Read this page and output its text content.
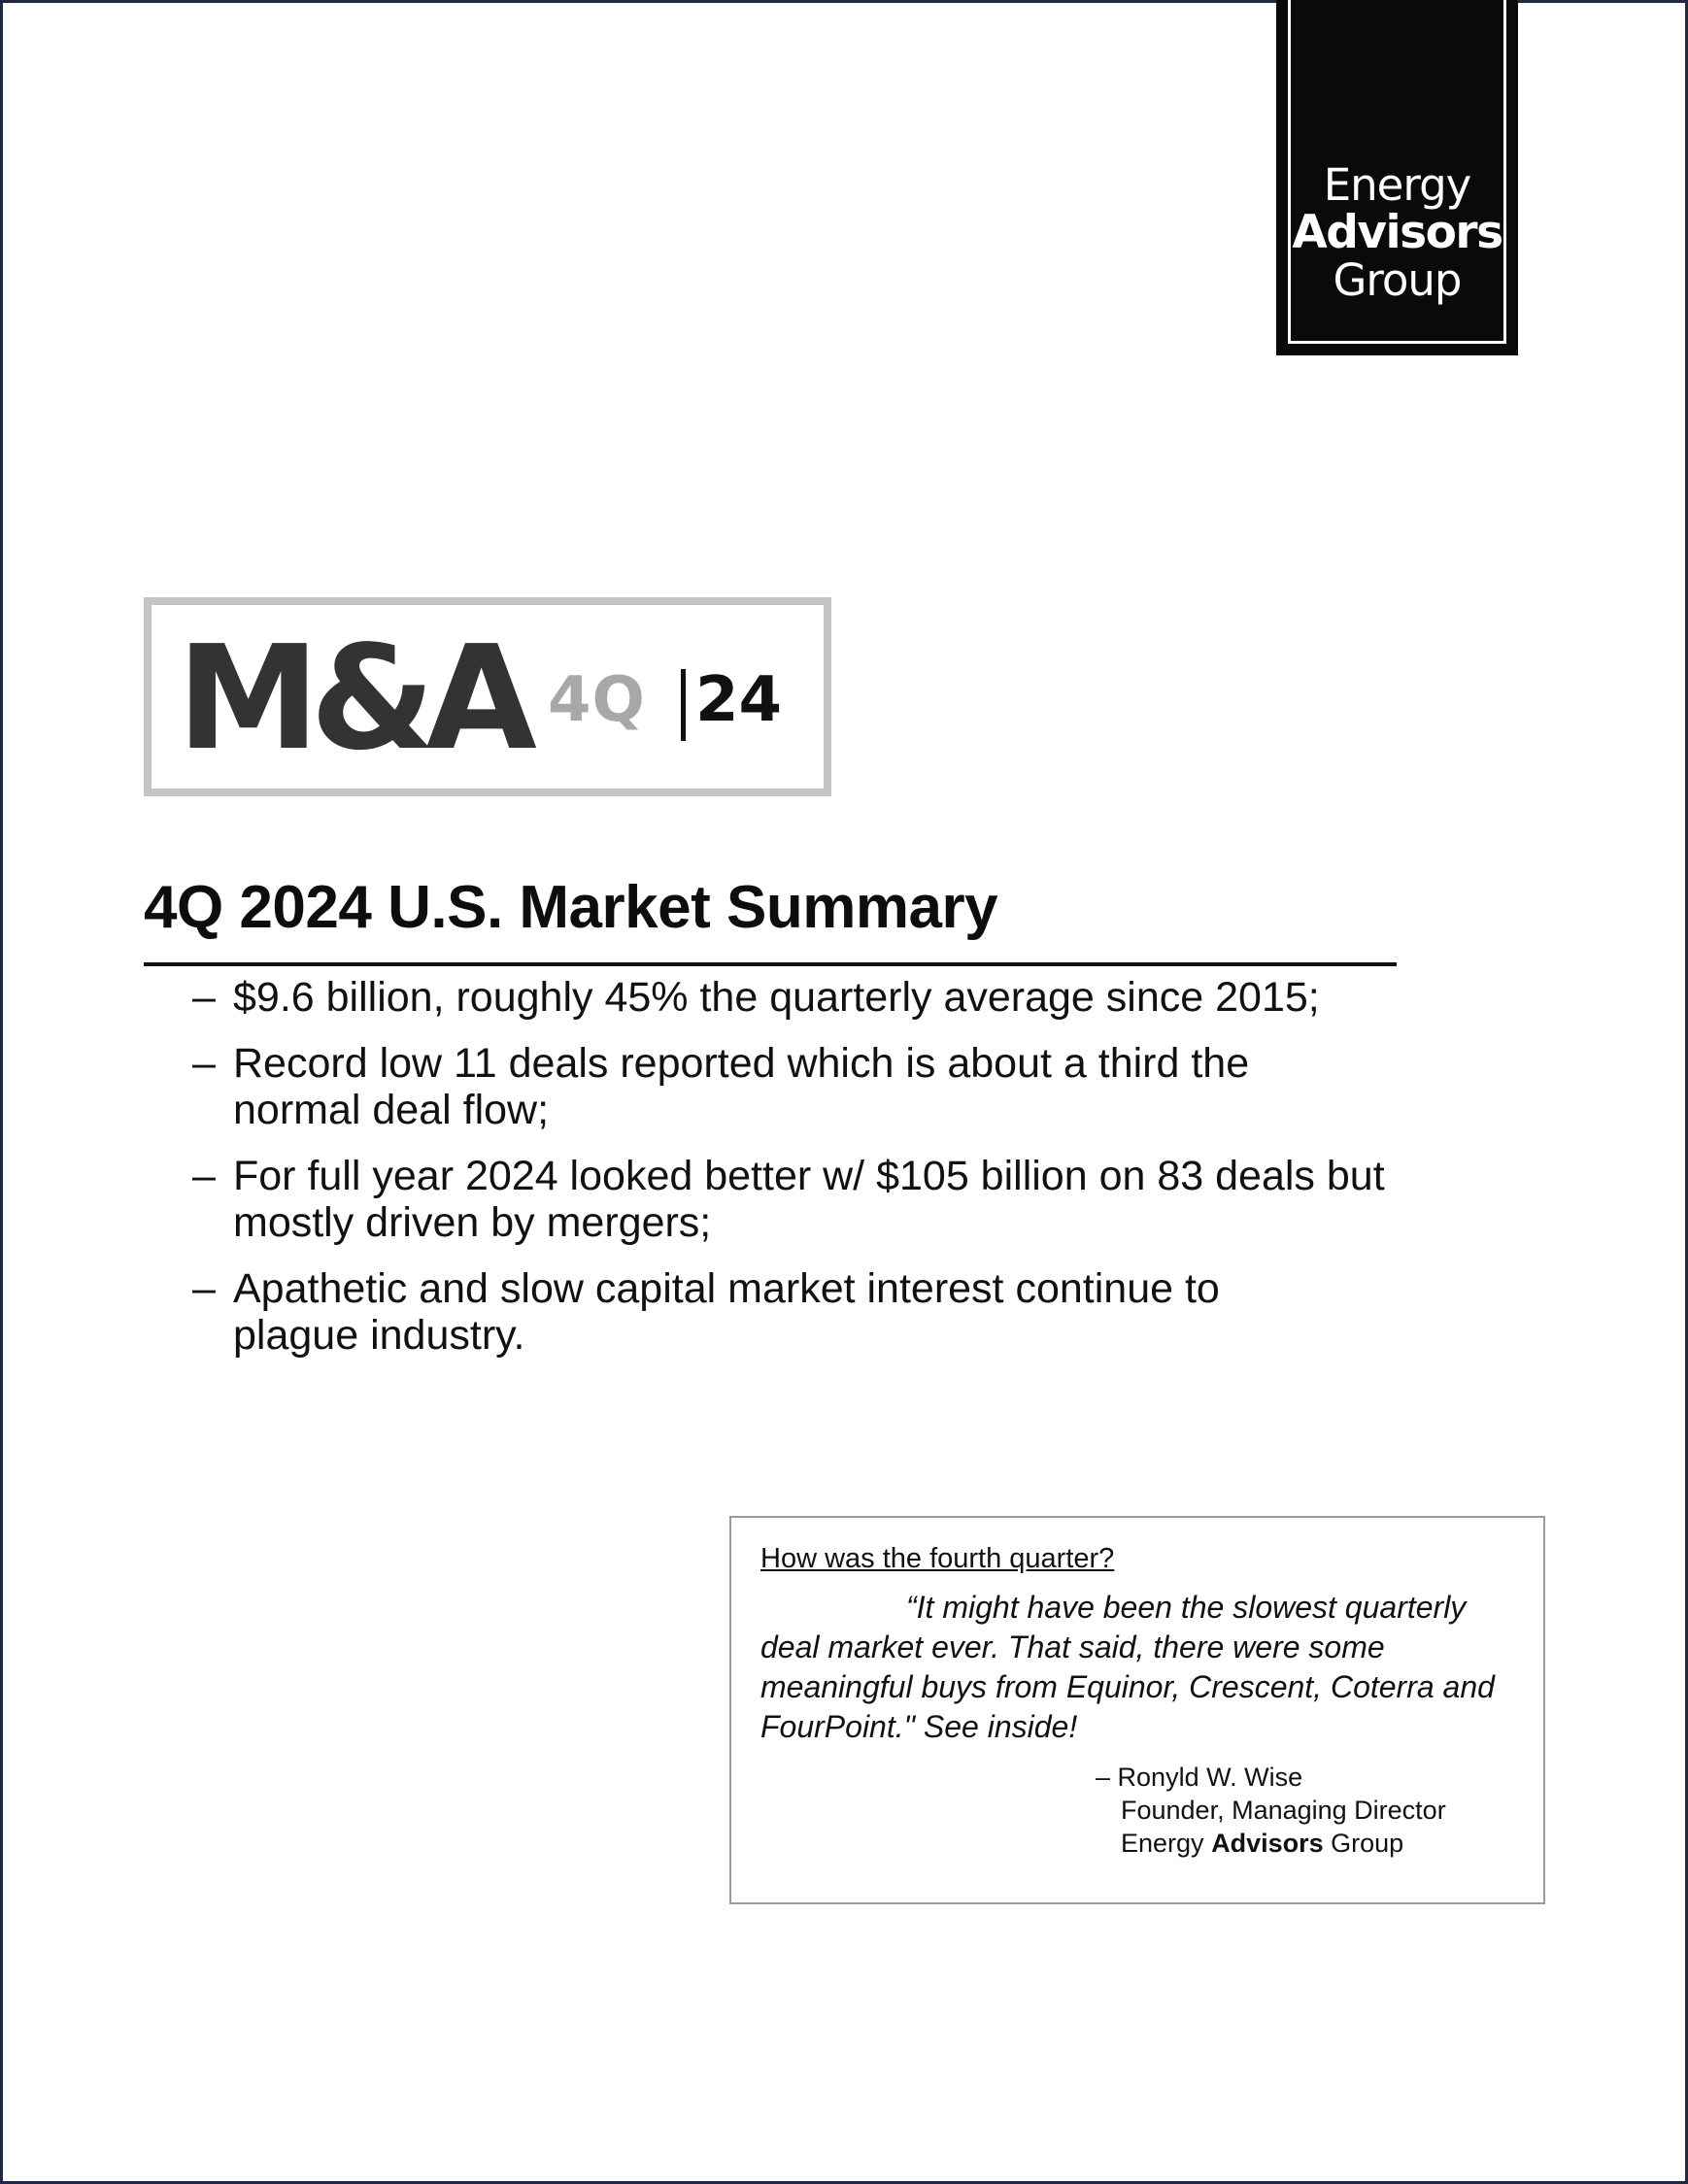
Energy
Advisors
Group
M&A 4Q 24
4Q 2024 U.S. Market Summary
– $9.6 billion, roughly 45% the quarterly average since 2015;
– Record low 11 deals reported which is about a third the normal deal flow;
– For full year 2024 looked better w/ $105 billion on 83 deals but mostly driven by mergers;
– Apathetic and slow capital market interest continue to plague industry.
How was the fourth quarter?
“It might have been the slowest quarterly deal market ever. That said, there were some meaningful buys from Equinor, Crescent, Coterra and FourPoint." See inside!
– Ronyld W. Wise
Founder, Managing Director
Energy Advisors Group
